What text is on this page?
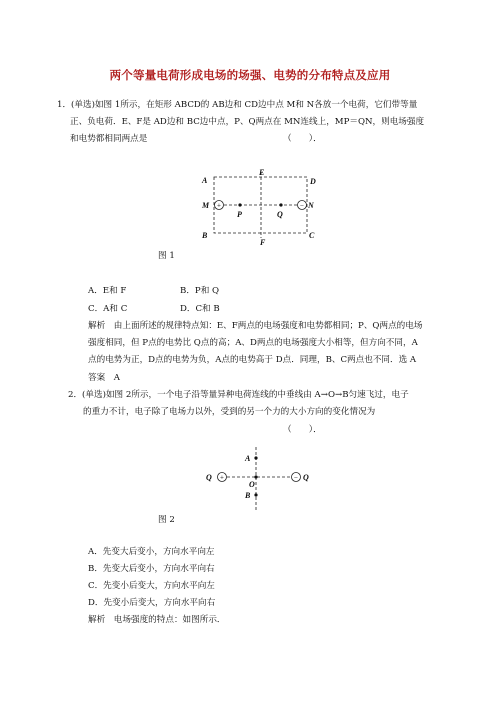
两个等量电荷形成电场的场强、电势的分布特点及应用
1．(单选)如图 1所示，在矩形 ABCD的 AB边和 CD边中点 M和 N各放一个电荷，它们带等量
正、负电荷．E、F是 AD边和 BC边中点，P、Q两点在 MN连线上，MP＝QN，则电场强度
和电势都相同两点是	（　　）．
+	−
A
E
D
M
P	Q
N
B
F
C
图 1
A．E和 F	B．P和 Q
C．A和 C	D．C和 B
解析　由上面所述的规律特点知：E、F两点的电场强度和电势都相同；P、Q两点的电场
强度相同，但 P点的电势比 Q点的高；A、D两点的电场强度大小相等，但方向不同，A
点的电势为正，D点的电势为负，A点的电势高于 D点．同理，B、C两点也不同．选 A
答案　A
2．(单选)如图 2所示，一个电子沿等量异种电荷连线的中垂线由 A→O→B匀速飞过，电子
的重力不计，电子除了电场力以外，受到的另一个力的大小方向的变化情况为
（　　）．
+	−
Q	Q
A
O
B
图 2
A．先变大后变小，方向水平向左
B．先变大后变小，方向水平向右
C．先变小后变大，方向水平向左
D．先变小后变大，方向水平向右
解析　电场强度的特点：如图所示．
